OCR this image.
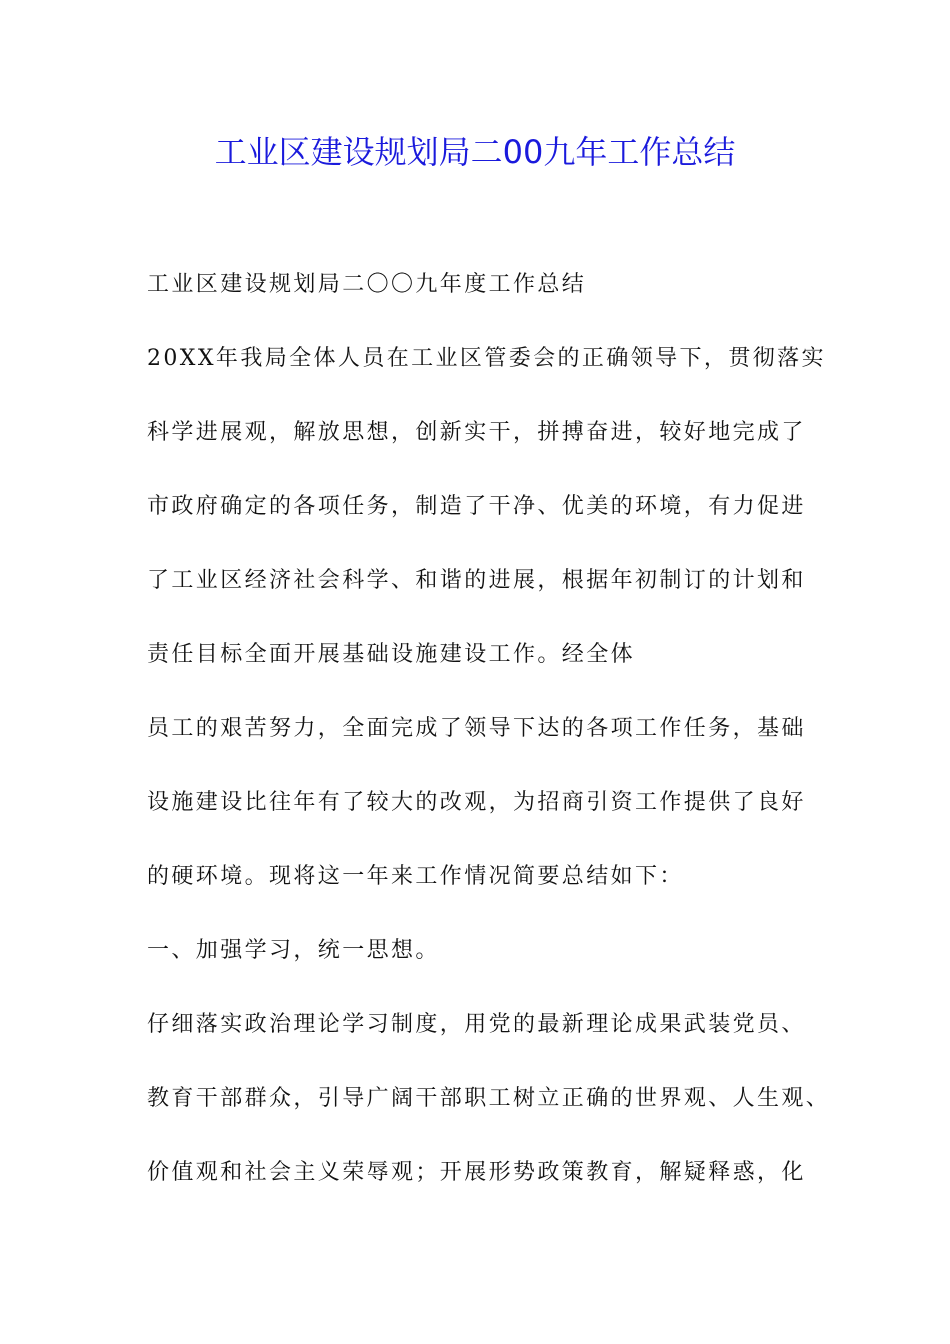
工业区建设规划局二00九年工作总结
工业区建设规划局二〇〇九年度工作总结
20XX年我局全体人员在工业区管委会的正确领导下，贯彻落实
科学进展观，解放思想，创新实干，拼搏奋进，较好地完成了
市政府确定的各项任务，制造了干净、优美的环境，有力促进
了工业区经济社会科学、和谐的进展，根据年初制订的计划和
责任目标全面开展基础设施建设工作。经全体
员工的艰苦努力，全面完成了领导下达的各项工作任务，基础
设施建设比往年有了较大的改观，为招商引资工作提供了良好
的硬环境。现将这一年来工作情况简要总结如下：
一、加强学习，统一思想。
仔细落实政治理论学习制度，用党的最新理论成果武装党员、
教育干部群众，引导广阔干部职工树立正确的世界观、人生观、
价值观和社会主义荣辱观；开展形势政策教育，解疑释惑，化
